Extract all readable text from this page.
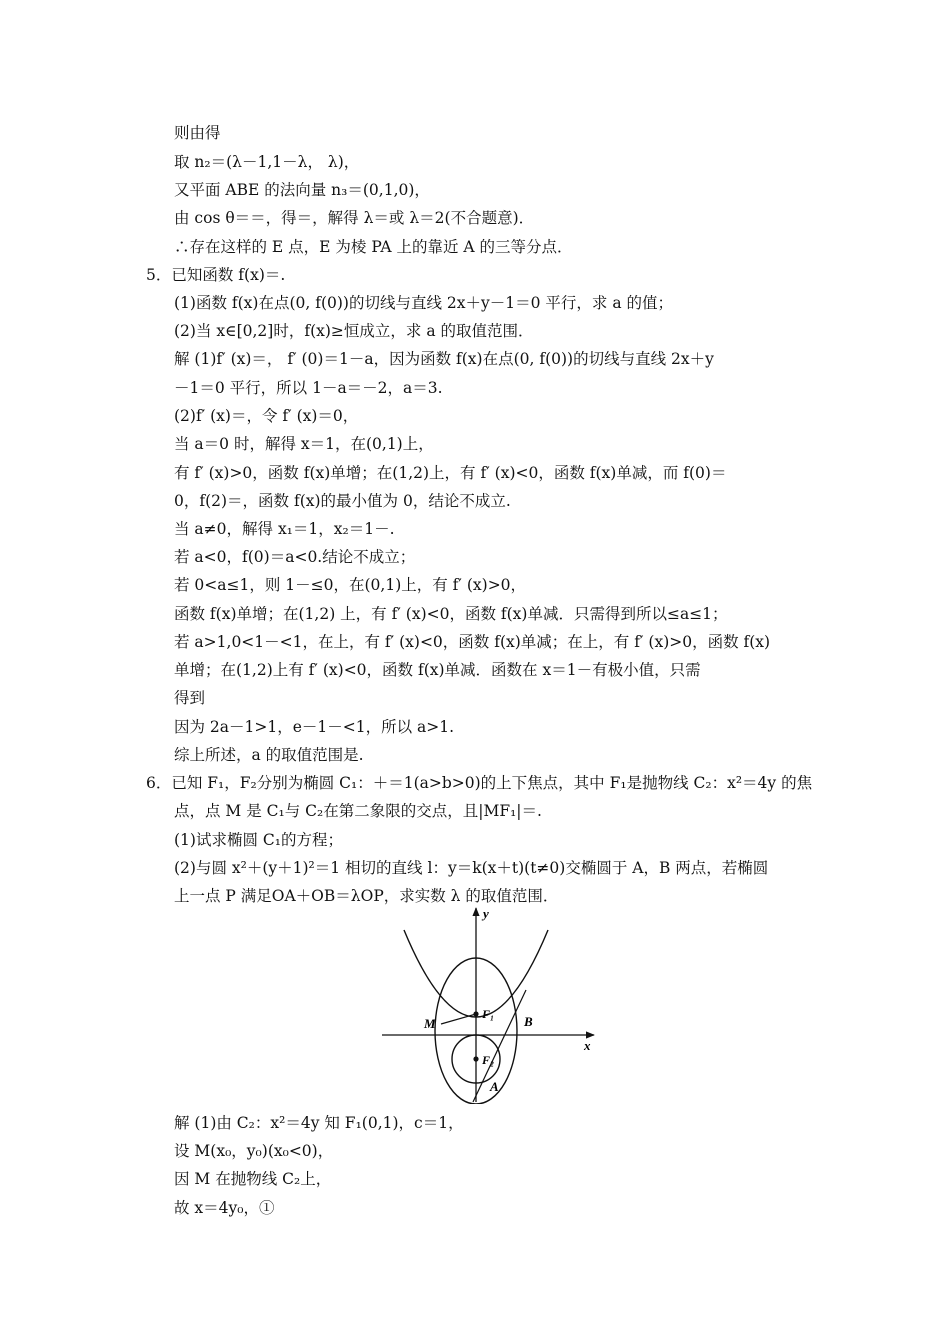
则由得
取 n₂＝(λ－1,1－λ， λ)，
又平面 ABE 的法向量 n₃＝(0,1,0)，
由 cos θ＝＝，得＝，解得 λ＝或 λ＝2(不合题意)．
∴存在这样的 E 点，E 为棱 PA 上的靠近 A 的三等分点．
5．已知函数 f(x)＝.
(1)函数 f(x)在点(0, f(0))的切线与直线 2x＋y－1＝0 平行，求 a 的值；
(2)当 x∈[0,2]时，f(x)≥恒成立，求 a 的取值范围．
解 (1)f′ (x)＝， f′ (0)＝1－a，因为函数 f(x)在点(0, f(0))的切线与直线 2x＋y
－1＝0 平行，所以 1－a＝－2，a＝3.
(2)f′ (x)＝，令 f′ (x)＝0，
当 a＝0 时，解得 x＝1，在(0,1)上，
有 f′ (x)>0，函数 f(x)单增；在(1,2)上，有 f′ (x)<0，函数 f(x)单减，而 f(0)＝
0，f(2)＝，函数 f(x)的最小值为 0，结论不成立.
当 a≠0，解得 x₁＝1，x₂＝1－.
若 a<0，f(0)＝a<0.结论不成立；
若 0<a≤1，则 1－≤0，在(0,1)上，有 f′ (x)>0，
函数 f(x)单增；在(1,2) 上，有 f′ (x)<0，函数 f(x)单减．只需得到所以≤a≤1；
若 a>1,0<1－<1，在上，有 f′ (x)<0，函数 f(x)单减；在上，有 f′ (x)>0，函数 f(x)
单增；在(1,2)上有 f′ (x)<0，函数 f(x)单减．函数在 x＝1－有极小值，只需
得到
因为 2a－1>1，e－1－<1，所以 a>1.
综上所述，a 的取值范围是.
6．已知 F₁，F₂分别为椭圆 C₁：＋＝1(a>b>0)的上下焦点，其中 F₁是抛物线 C₂：x²＝4y 的焦
点，点 M 是 C₁与 C₂在第二象限的交点，且|MF₁|＝.
(1)试求椭圆 C₁的方程；
(2)与圆 x²＋(y＋1)²＝1 相切的直线 l：y＝k(x＋t)(t≠0)交椭圆于 A，B 两点，若椭圆
上一点 P 满足OA＋OB＝λOP，求实数 λ 的取值范围．
y
x
F₁
F₂
M	B
A
解 (1)由 C₂：x²＝4y 知 F₁(0,1)，c＝1，
设 M(x₀，y₀)(x₀<0)，
因 M 在抛物线 C₂上，
故 x＝4y₀，①
